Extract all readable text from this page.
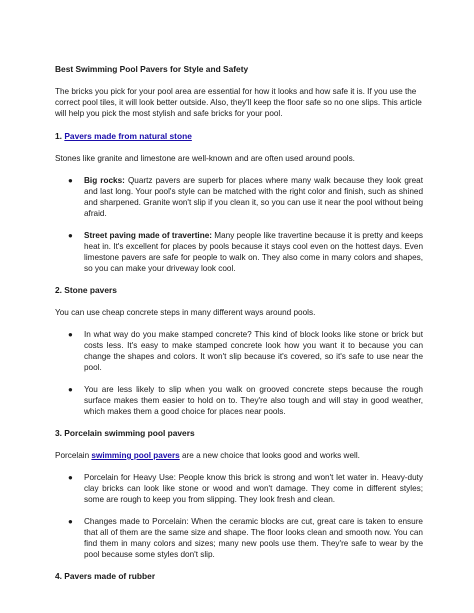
Best Swimming Pool Pavers for Style and Safety

The bricks you pick for your pool area are essential for how it looks and how safe it is. If you use the correct pool tiles, it will look better outside. Also, they'll keep the floor safe so no one slips. This article will help you pick the most stylish and safe bricks for your pool.

1. Pavers made from natural stone

Stones like granite and limestone are well-known and are often used around pools.

● Big rocks: Quartz pavers are superb for places where many walk because they look great and last long. Your pool's style can be matched with the right color and finish, such as shined and sharpened. Granite won't slip if you clean it, so you can use it near the pool without being afraid.
● Street paving made of travertine: Many people like travertine because it is pretty and keeps heat in. It's excellent for places by pools because it stays cool even on the hottest days. Even limestone pavers are safe for people to walk on. They also come in many colors and shapes, so you can make your driveway look cool.
2. Stone pavers

You can use cheap concrete steps in many different ways around pools.

● In what way do you make stamped concrete? This kind of block looks like stone or brick but costs less. It's easy to make stamped concrete look how you want it to because you can change the shapes and colors. It won't slip because it's covered, so it's safe to use near the pool.
● You are less likely to slip when you walk on grooved concrete steps because the rough surface makes them easier to hold on to. They're also tough and will stay in good weather, which makes them a good choice for places near pools.
3. Porcelain swimming pool pavers

Porcelain swimming pool pavers are a new choice that looks good and works well.

● Porcelain for Heavy Use: People know this brick is strong and won't let water in. Heavy-duty clay bricks can look like stone or wood and won't damage. They come in different styles; some are rough to keep you from slipping. They look fresh and clean.
● Changes made to Porcelain: When the ceramic blocks are cut, great care is taken to ensure that all of them are the same size and shape. The floor looks clean and smooth now. You can find them in many colors and sizes; many new pools use them. They're safe to wear by the pool because some styles don't slip.
4. Pavers made of rubber
